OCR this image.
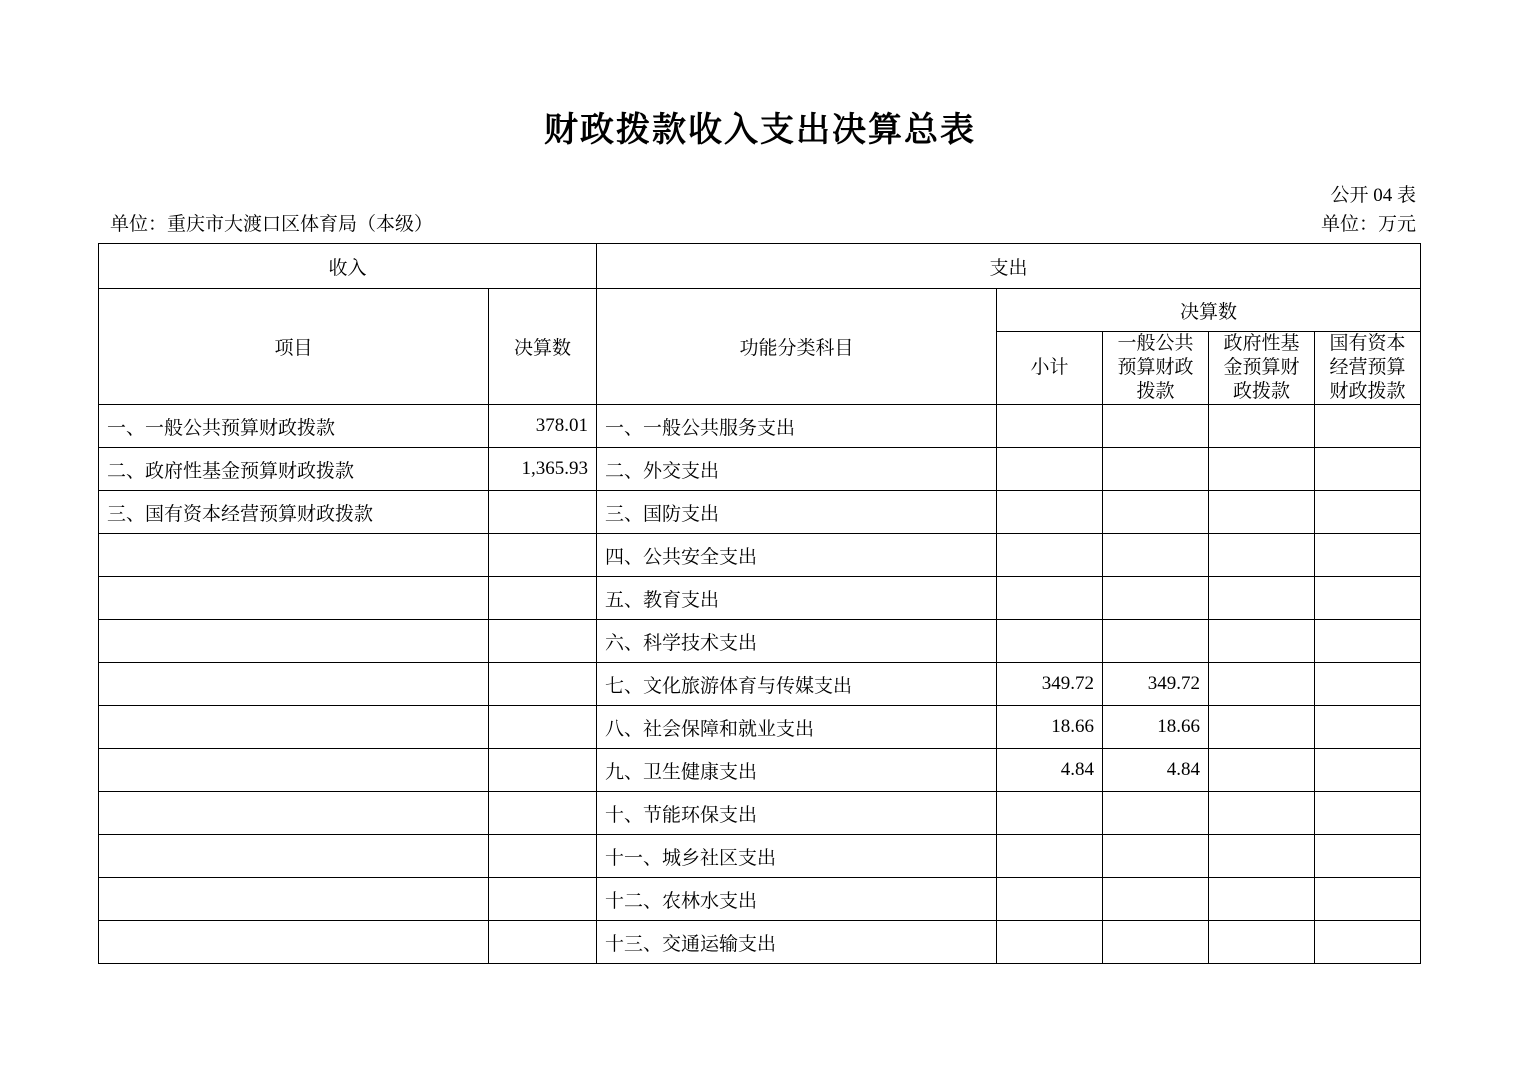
财政拨款收入支出决算总表
公开 04 表
单位：万元
单位：重庆市大渡口区体育局（本级）
收入		支出				
项目	决算数	功能分类科目	决算数			
			小计	一般公共预算财政拨款	政府性基金预算财政拨款	国有资本经营预算财政拨款
一、一般公共预算财政拨款	378.01	一、一般公共服务支出				
二、政府性基金预算财政拨款	1,365.93	二、外交支出				
三、国有资本经营预算财政拨款		三、国防支出				
		四、公共安全支出				
		五、教育支出				
		六、科学技术支出				
		七、文化旅游体育与传媒支出	349.72	349.72		
		八、社会保障和就业支出	18.66	18.66		
		九、卫生健康支出	4.84	4.84		
		十、节能环保支出				
		十一、城乡社区支出				
		十二、农林水支出				
		十三、交通运输支出				
